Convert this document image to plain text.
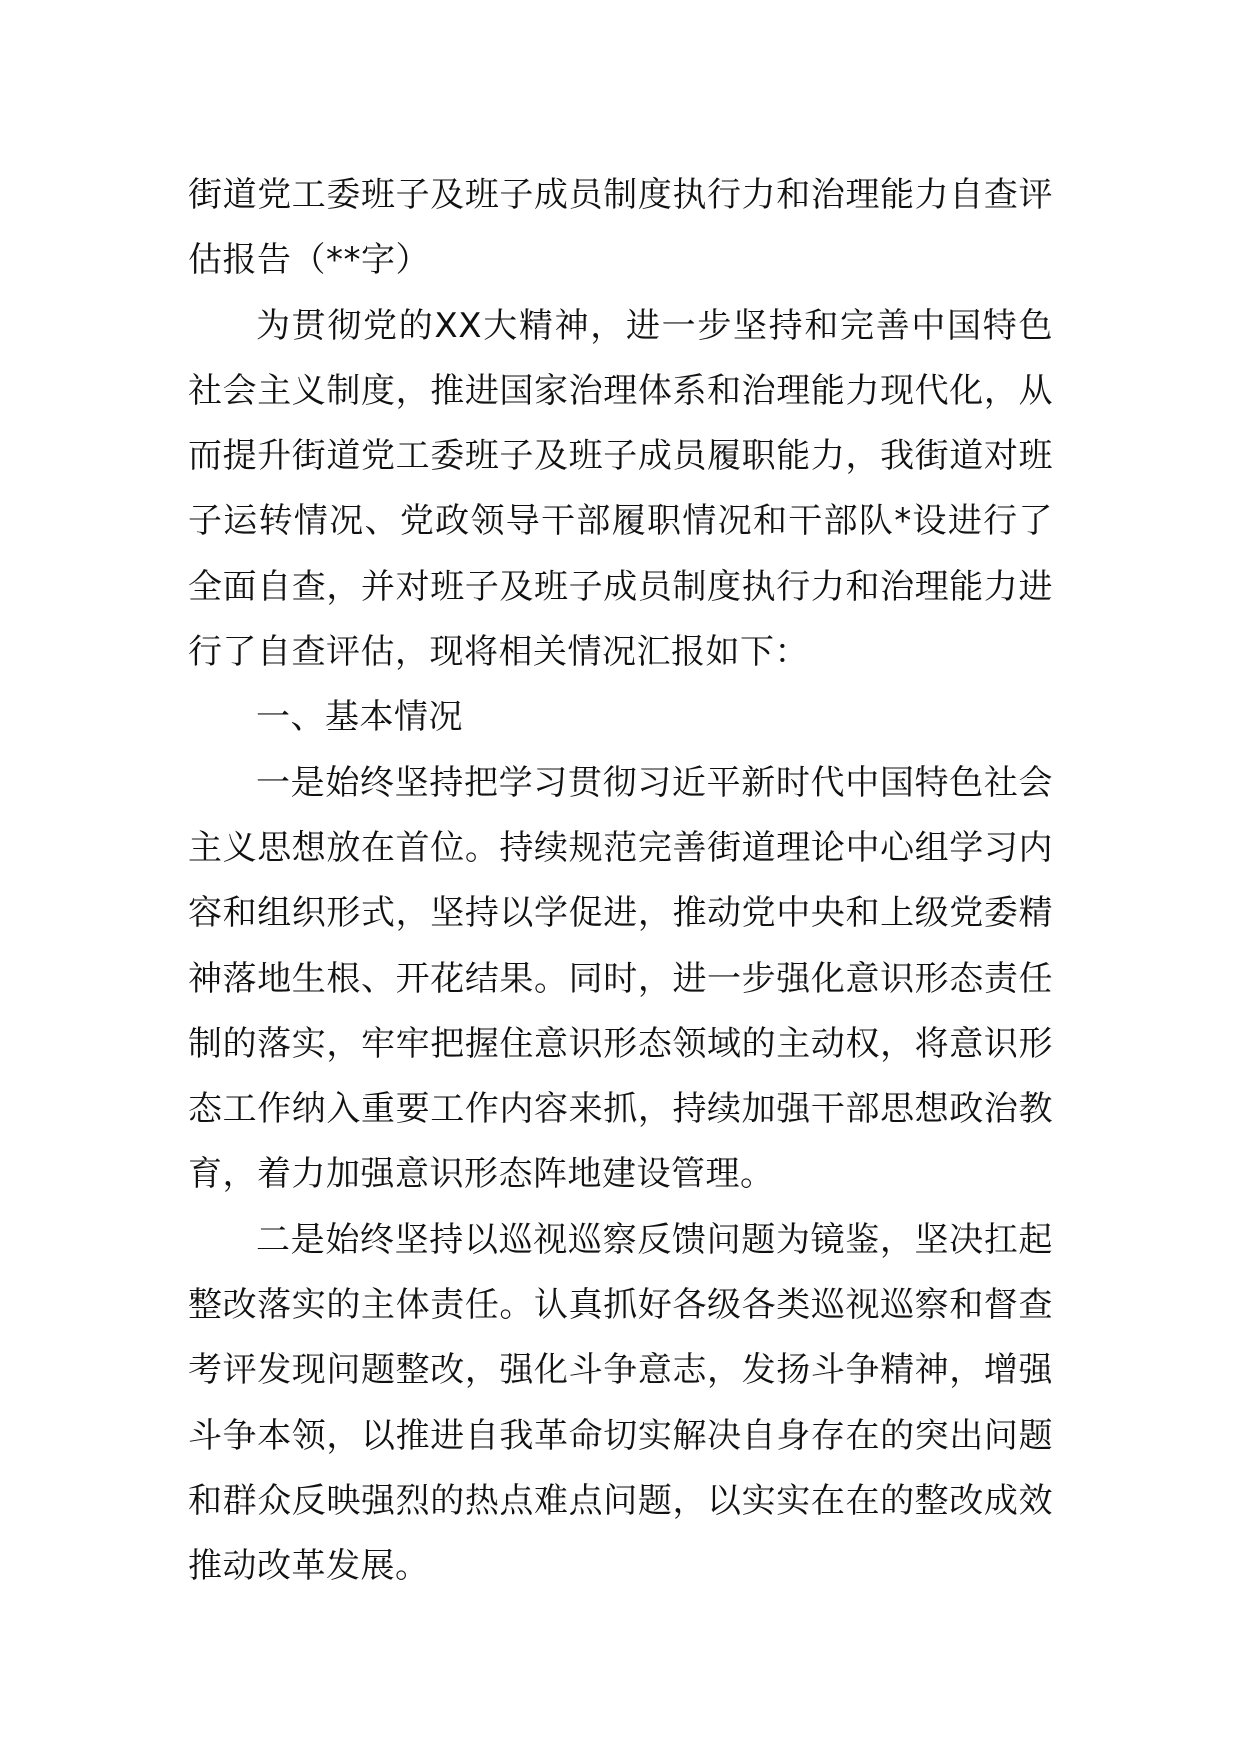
街道党工委班子及班子成员制度执行力和治理能力自查评估报告（**字）

为贯彻党的XX大精神，进一步坚持和完善中国特色社会主义制度，推进国家治理体系和治理能力现代化，从而提升街道党工委班子及班子成员履职能力，我街道对班子运转情况、党政领导干部履职情况和干部队*设进行了全面自查，并对班子及班子成员制度执行力和治理能力进行了自查评估，现将相关情况汇报如下：

一、基本情况

一是始终坚持把学习贯彻习近平新时代中国特色社会主义思想放在首位。持续规范完善街道理论中心组学习内容和组织形式，坚持以学促进，推动党中央和上级党委精神落地生根、开花结果。同时，进一步强化意识形态责任制的落实，牢牢把握住意识形态领域的主动权，将意识形态工作纳入重要工作内容来抓，持续加强干部思想政治教育，着力加强意识形态阵地建设管理。

二是始终坚持以巡视巡察反馈问题为镜鉴，坚决扛起整改落实的主体责任。认真抓好各级各类巡视巡察和督查考评发现问题整改，强化斗争意志，发扬斗争精神，增强斗争本领，以推进自我革命切实解决自身存在的突出问题和群众反映强烈的热点难点问题，以实实在在的整改成效推动改革发展。
